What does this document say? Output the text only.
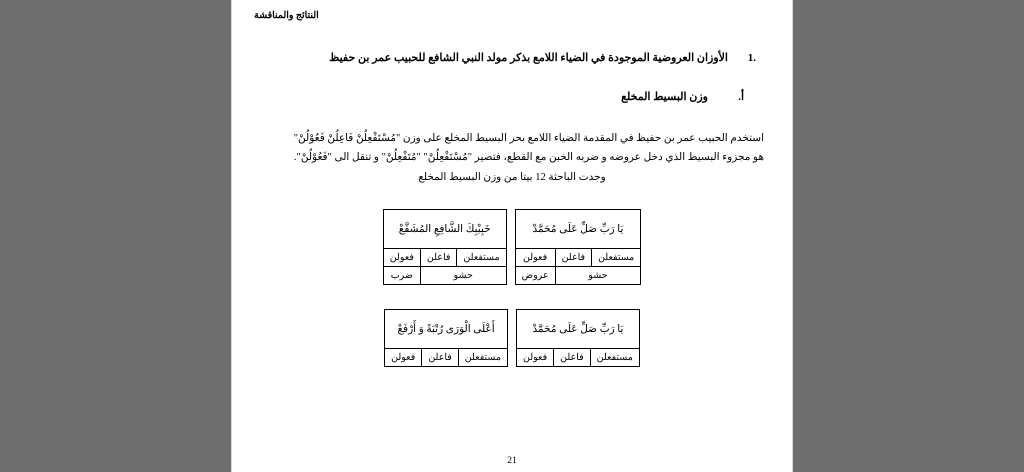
النتائج والمناقشة
.1
الأوزان العروضية الموجودة في الضياء اللامع بذكر مولد النبي الشافع للحبيب عمر بن حفيظ
أ.
وزن البسيط المخلع
استخدم الحبيب عمر بن حفيظ في المقدمة الضياء اللامع بحر البسيط المخلع على وزن "مُسْتَفْعِلُنْ فَاعِلُنْ فَعُوْلُنْ"
هو مجزوء البسيط الذي دخل عروضه و ضربه الخبن مع القطع، فتصير "مُسْتَفْعِلُنْ" "مُتَفْعِلُنْ" و تنقل الى "فَعُوْلُنْ".
وجدت الباحثة 12 بيتا من وزن البسيط المخلع
يَا رَبِّ صَلِّ عَلَى مُحَمَّدْ				خَبِيْبِكَ الشَّافِعِ المُشَفَّعْ		
مستفعلن	فاعلن	فعولن		مستفعلن	فاعلن	فعولن
حشو		عروض		حشو		ضرب
يَا رَبِّ صَلِّ عَلَى مُحَمَّدْ				أَعْلَى الْوَرَى رُتْبَةً وَ أَرْفَعْ		
مستفعلن	فاعلن	فعولن		مستفعلن	فاعلن	فعولن
21
